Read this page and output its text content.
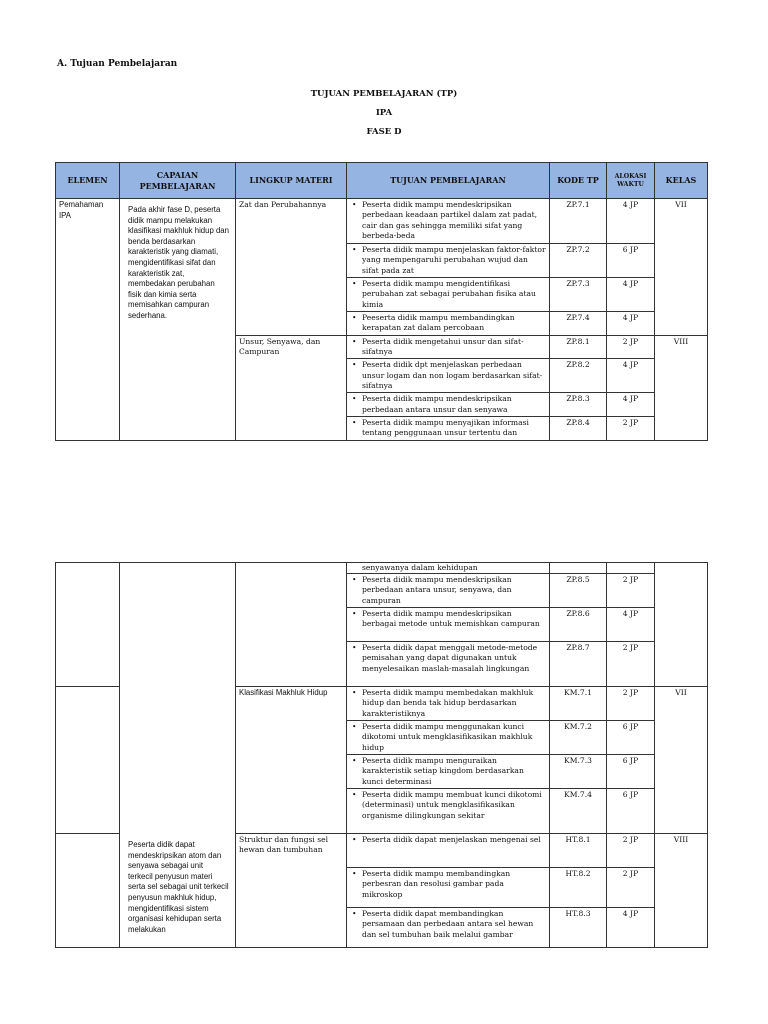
A. Tujuan Pembelajaran
TUJUAN PEMBELAJARAN (TP)
IPA
FASE D
ELEMEN	CAPAIAN PEMBELAJARAN	LINGKUP MATERI	TUJUAN PEMBELAJARAN	KODE TP	ALOKASI WAKTU	KELAS
Pemahaman IPA	Pada akhir fase D, peserta didik mampu melakukan klasifikasi makhluk hidup dan benda berdasarkan karakteristik yang diamati, mengidentifikasi sifat dan karakteristik zat, membedakan perubahan fisik dan kimia serta memisahkan campuran sederhana.	Zat dan Perubahannya	• Peserta didik mampu mendeskripsikan perbedaan keadaan partikel dalam zat padat, cair dan gas sehingga memiliki sifat yang berbeda-beda	ZP.7.1	4 JP	VII

			• Peserta didik mampu menjelaskan faktor-faktor yang mempengaruhi perubahan wujud dan sifat pada zat	ZP.7.2	6 JP	

			• Peserta didik mampu mengidentifikasi perubahan zat sebagai perubahan fisika atau kimia	ZP.7.3	4 JP	

			• Peeserta didik mampu membandingkan kerapatan zat dalam percobaan	ZP.7.4	4 JP	
		Unsur, Senyawa, dan Campuran	• Peserta didik mengetahui unsur dan sifat-sifatnya	ZP.8.1	2 JP	VIII

			• Peserta didik dpt menjelaskan perbedaan unsur logam dan non logam berdasarkan sifat-sifatnya	ZP.8.2	4 JP	

			• Peserta didik mampu mendeskripsikan perbedaan antara unsur dan senyawa	ZP.8.3	4 JP	

			• Peserta didik mampu menyajikan informasi tentang penggunaan unsur tertentu dan	ZP.8.4	2 JP	

	Peserta didik dapat mendeskripsikan atom dan senyawa sebagai unit terkecil penyusun materi serta sel sebagai unit terkecil penyusun makhluk hidup, mengidentifikasi sistem organisasi kehidupan serta melakukan		senyawanya dalam kehidupan			

			• Peserta didik mampu mendeskripsikan perbedaan antara unsur, senyawa, dan campuran	ZP.8.5	2 JP	

			• Peserta didik mampu mendeskripsikan berbagai metode untuk memishkan campuran	ZP.8.6	4 JP	

			• Peserta didik dapat menggali metode-metode pemisahan yang dapat digunakan untuk menyelesaikan maslah-masalah lingkungan	ZP.8.7	2 JP	
		Klasifikasi Makhluk Hidup	• Peserta didik mampu membedakan makhluk hidup dan benda tak hidup berdasarkan karakteristiknya	KM.7.1	2 JP	VII

			• Peserta didik mampu menggunakan kunci dikotomi untuk mengklasifikasikan makhluk hidup	KM.7.2	6 JP	

			• Peserta didik mampu menguraikan karakteristik setiap kingdom berdasarkan kunci determinasi	KM.7.3	6 JP	

			• Peserta didik mampu membuat kunci dikotomi (determinasi) untuk mengklasifikasikan organisme dilingkungan sekitar	KM.7.4	6 JP	
		Struktur dan fungsi sel hewan dan tumbuhan	• Peserta didik dapat menjelaskan mengenai sel	HT.8.1	2 JP	VIII

			• Peserta didik mampu membandingkan perbesran dan resolusi gambar pada mikroskop	HT.8.2	2 JP	

			• Peserta didik dapat membandingkan persamaan dan perbedaan antara sel hewan dan sel tumbuhan baik melalui gambar	HT.8.3	4 JP	
